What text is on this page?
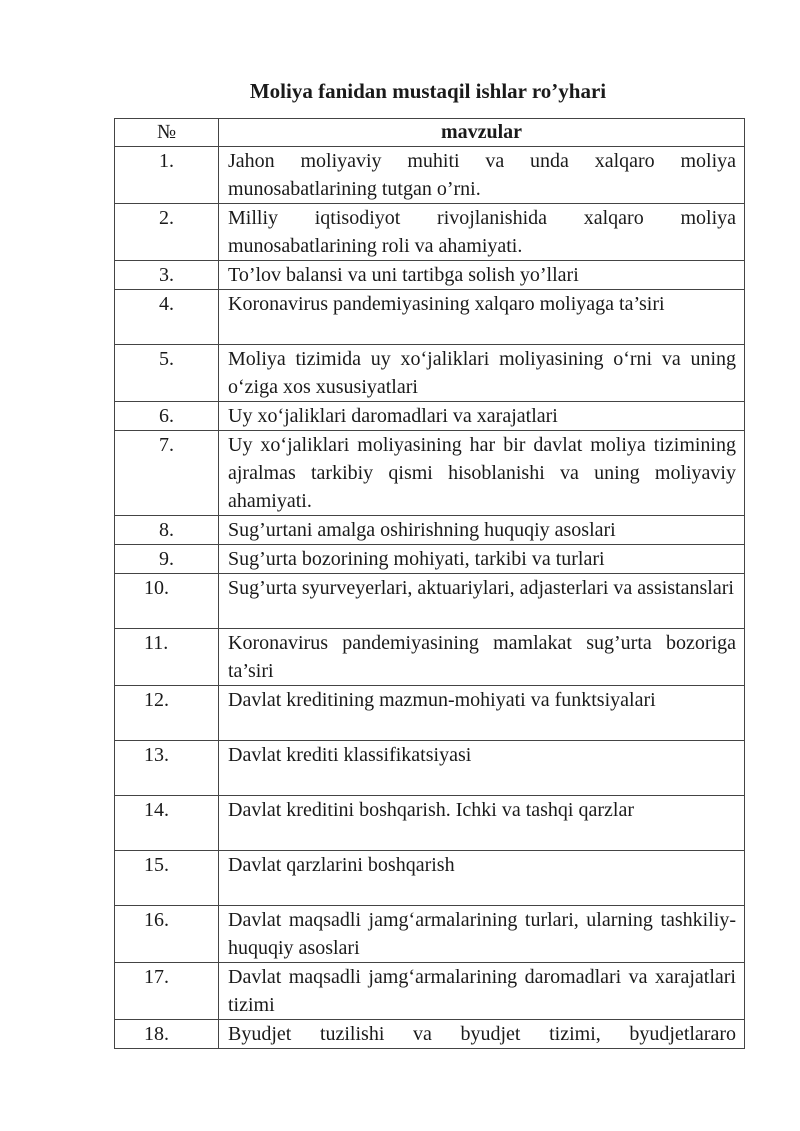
Moliya fanidan mustaqil ishlar ro’yhari
№	mavzular
1.	Jahon moliyaviy muhiti va unda xalqaro moliya munosabatlarining tutgan o’rni.
2.	Milliy iqtisodiyot rivojlanishida xalqaro moliya munosabatlarining roli va ahamiyati.
3.	To’lov balansi va uni tartibga solish yo’llari
4.	Koronavirus pandemiyasining xalqaro moliyaga ta’siri
5.	Moliya tizimida uy xo‘jaliklari moliyasining o‘rni va uning o‘ziga xos xususiyatlari
6.	Uy xo‘jaliklari daromadlari va xarajatlari
7.	Uy xo‘jaliklari moliyasining har bir davlat moliya tizimining ajralmas tarkibiy qismi hisoblanishi va uning moliyaviy ahamiyati.
8.	Sug’urtani amalga oshirishning huquqiy asoslari
9.	Sug’urta bozorining mohiyati, tarkibi va turlari
10.	Sug’urta syurveyerlari, aktuariylari, adjasterlari va assistanslari
11.	Koronavirus pandemiyasining mamlakat sug’urta bozoriga ta’siri
12.	Davlat kreditining mazmun-mohiyati va funktsiyalari
13.	Davlat krediti klassifikatsiyasi
14.	Davlat kreditini boshqarish. Ichki va tashqi qarzlar
15.	Davlat qarzlarini boshqarish
16.	Davlat maqsadli jamg‘armalarining turlari, ularning tashkiliy-huquqiy asoslari
17.	Davlat maqsadli jamg‘armalarining daromadlari va xarajatlari tizimi
18.	Byudjet tuzilishi va byudjet tizimi, byudjetlararo
